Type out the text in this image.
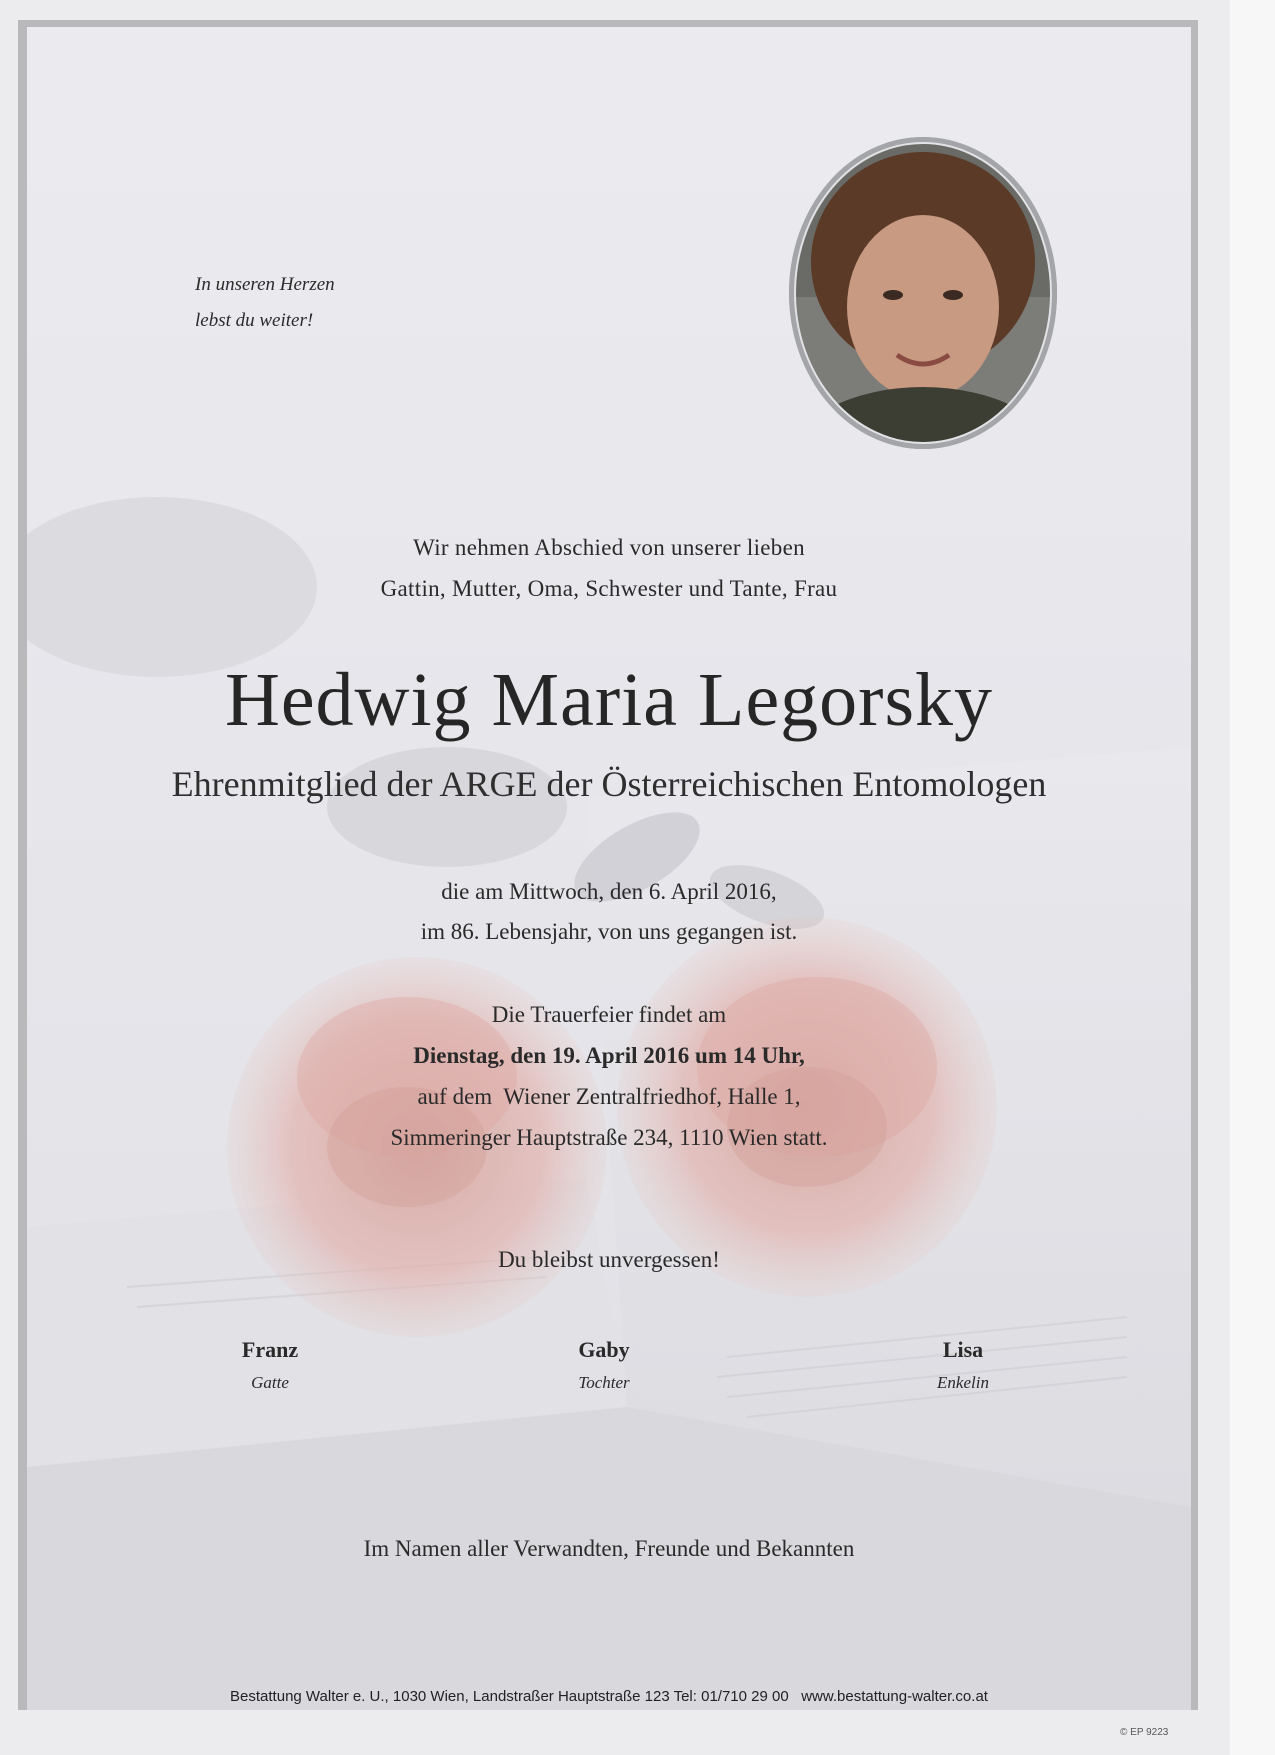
In unseren Herzen
lebst du weiter!
Wir nehmen Abschied von unserer lieben
Gattin, Mutter, Oma, Schwester und Tante, Frau
Hedwig Maria Legorsky
Ehrenmitglied der ARGE der Österreichischen Entomologen
die am Mittwoch, den 6. April 2016,
im 86. Lebensjahr, von uns gegangen ist.
Die Trauerfeier findet am
Dienstag, den 19. April 2016 um 14 Uhr,
auf dem  Wiener Zentralfriedhof, Halle 1,
Simmeringer Hauptstraße 234, 1110 Wien statt.
Du bleibst unvergessen!
Franz
Gatte
Gaby
Tochter
Lisa
Enkelin
Im Namen aller Verwandten, Freunde und Bekannten
Bestattung Walter e. U., 1030 Wien, Landstraßer Hauptstraße 123 Tel: 01/710 29 00   www.bestattung-walter.co.at
© EP 9223
